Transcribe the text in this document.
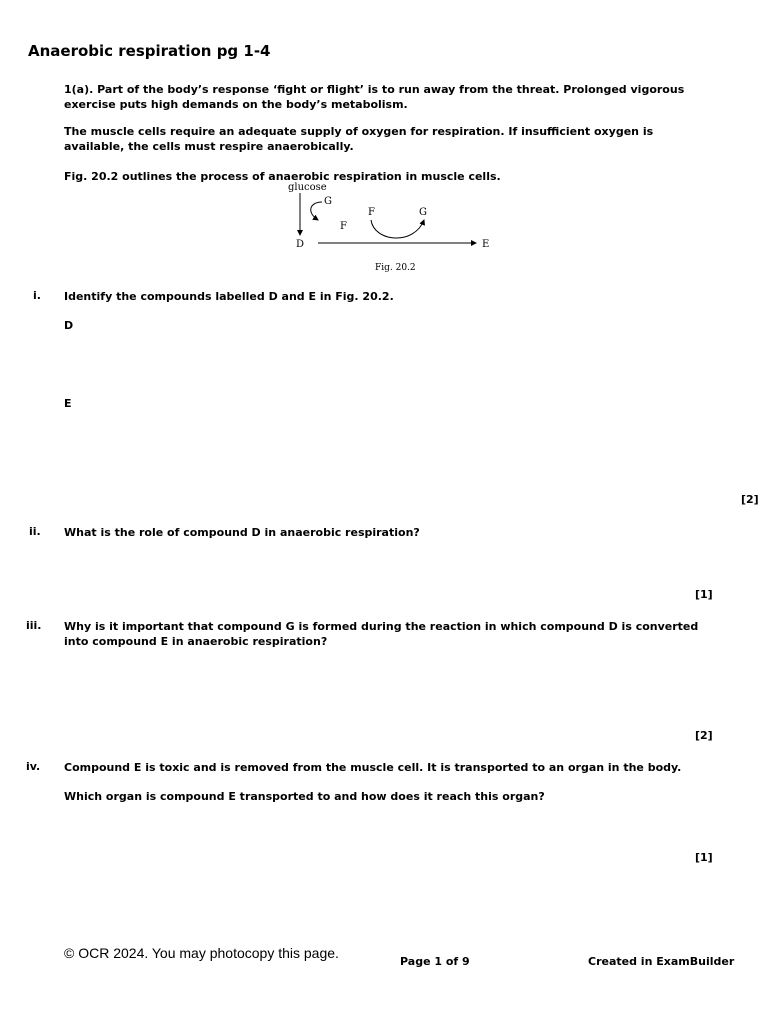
Anaerobic respiration pg 1-4
1(a). Part of the body’s response ‘fight or flight’ is to run away from the threat. Prolonged vigorous exercise puts high demands on the body’s metabolism.
The muscle cells require an adequate supply of oxygen for respiration. If insufficient oxygen is available, the cells must respire anaerobically.
Fig. 20.2 outlines the process of anaerobic respiration in muscle cells.
glucose
G
F
F	G
D	E
Fig. 20.2
i. Identify the compounds labelled D and E in Fig. 20.2.
D
E
[2]
ii. What is the role of compound D in anaerobic respiration?
[1]
iii. Why is it important that compound G is formed during the reaction in which compound D is converted into compound E in anaerobic respiration?
[2]
iv. Compound E is toxic and is removed from the muscle cell. It is transported to an organ in the body.
Which organ is compound E transported to and how does it reach this organ?
[1]
© OCR 2024. You may photocopy this page.
Page 1 of 9	Created in ExamBuilder
